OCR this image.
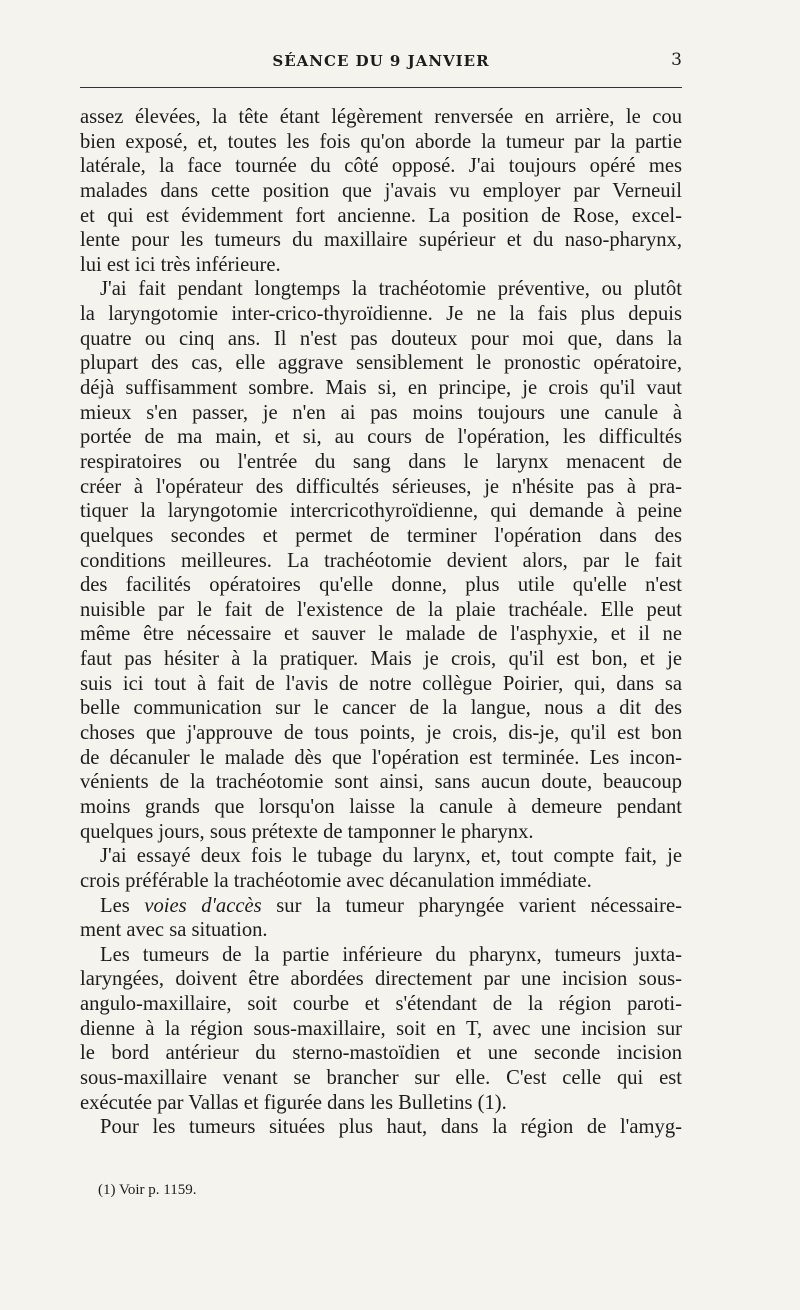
SÉANCE DU 9 JANVIER	3
assez élevées, la tête étant légèrement renversée en arrière, le cou
bien exposé, et, toutes les fois qu'on aborde la tumeur par la partie
latérale, la face tournée du côté opposé. J'ai toujours opéré mes
malades dans cette position que j'avais vu employer par Verneuil
et qui est évidemment fort ancienne. La position de Rose, excel-
lente pour les tumeurs du maxillaire supérieur et du naso-pharynx,
lui est ici très inférieure.
J'ai fait pendant longtemps la trachéotomie préventive, ou plutôt
la laryngotomie inter-crico-thyroïdienne. Je ne la fais plus depuis
quatre ou cinq ans. Il n'est pas douteux pour moi que, dans la
plupart des cas, elle aggrave sensiblement le pronostic opératoire,
déjà suffisamment sombre. Mais si, en principe, je crois qu'il vaut
mieux s'en passer, je n'en ai pas moins toujours une canule à
portée de ma main, et si, au cours de l'opération, les difficultés
respiratoires ou l'entrée du sang dans le larynx menacent de
créer à l'opérateur des difficultés sérieuses, je n'hésite pas à pra-
tiquer la laryngotomie intercricothyroïdienne, qui demande à peine
quelques secondes et permet de terminer l'opération dans des
conditions meilleures. La trachéotomie devient alors, par le fait
des facilités opératoires qu'elle donne, plus utile qu'elle n'est
nuisible par le fait de l'existence de la plaie trachéale. Elle peut
même être nécessaire et sauver le malade de l'asphyxie, et il ne
faut pas hésiter à la pratiquer. Mais je crois, qu'il est bon, et je
suis ici tout à fait de l'avis de notre collègue Poirier, qui, dans sa
belle communication sur le cancer de la langue, nous a dit des
choses que j'approuve de tous points, je crois, dis-je, qu'il est bon
de décanuler le malade dès que l'opération est terminée. Les incon-
vénients de la trachéotomie sont ainsi, sans aucun doute, beaucoup
moins grands que lorsqu'on laisse la canule à demeure pendant
quelques jours, sous prétexte de tamponner le pharynx.
J'ai essayé deux fois le tubage du larynx, et, tout compte fait, je
crois préférable la trachéotomie avec décanulation immédiate.
Les voies d'accès sur la tumeur pharyngée varient nécessaire-
ment avec sa situation.
Les tumeurs de la partie inférieure du pharynx, tumeurs juxta-
laryngées, doivent être abordées directement par une incision sous-
angulo-maxillaire, soit courbe et s'étendant de la région paroti-
dienne à la région sous-maxillaire, soit en T, avec une incision sur
le bord antérieur du sterno-mastoïdien et une seconde incision
sous-maxillaire venant se brancher sur elle. C'est celle qui est
exécutée par Vallas et figurée dans les Bulletins (1).
Pour les tumeurs situées plus haut, dans la région de l'amyg-
(1) Voir p. 1159.
